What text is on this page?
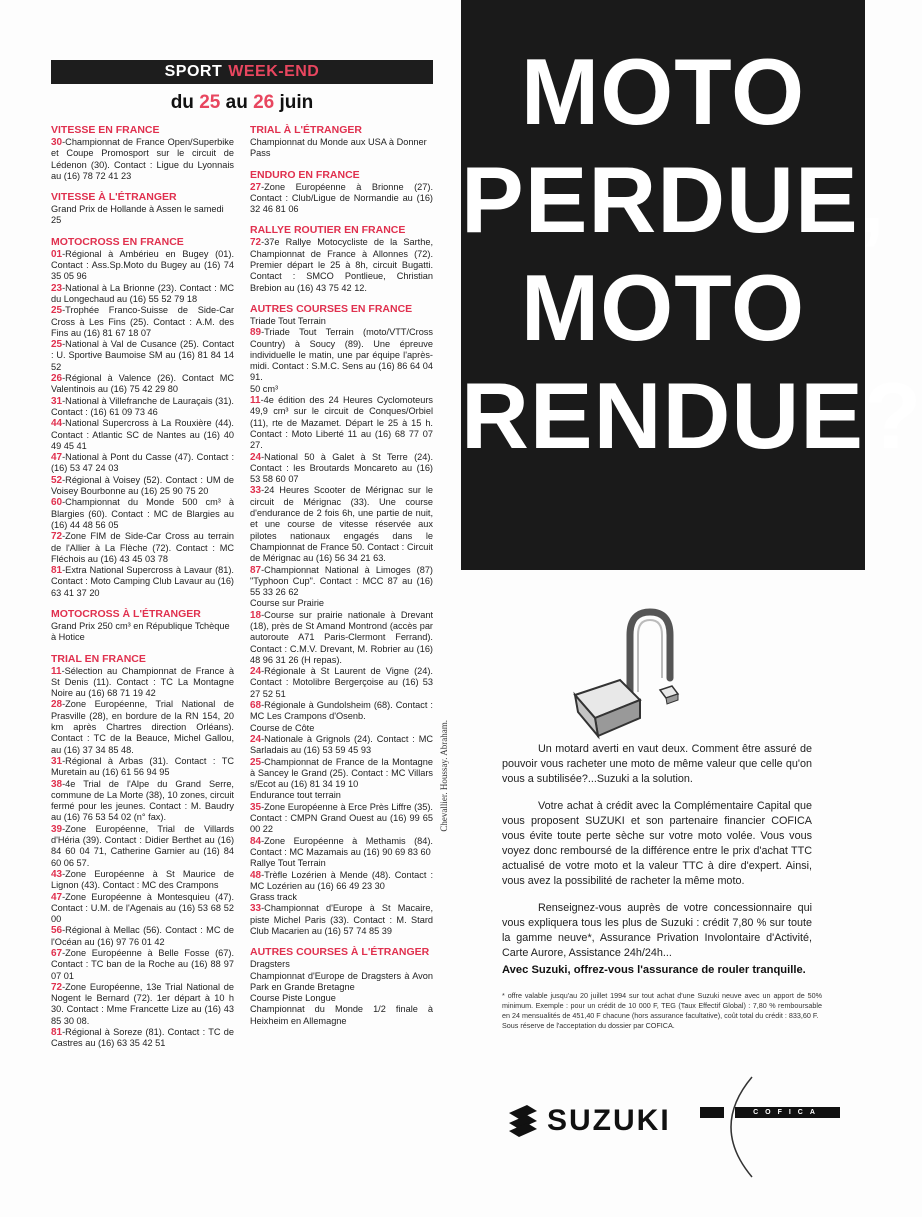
SPORT WEEK-END
du 25 au 26 juin
VITESSE EN FRANCE
30-Championnat de France Open/Superbike et Coupe Promosport sur le circuit de Lédenon (30). Contact : Ligue du Lyonnais au (16) 78 72 41 23
VITESSE À L'ÉTRANGER
Grand Prix de Hollande à Assen le samedi 25
MOTOCROSS EN FRANCE
01-Régional à Ambérieu en Bugey (01). Contact : Ass.Sp.Moto du Bugey au (16) 74 35 05 96
23-National à La Brionne (23). Contact : MC du Longechaud au (16) 55 52 79 18
25-Trophée Franco-Suisse de Side-Car Cross à Les Fins (25). Contact : A.M. des Fins au (16) 81 67 18 07
25-National à Val de Cusance (25). Contact : U. Sportive Baumoise SM au (16) 81 84 14 52
26-Régional à Valence (26). Contact MC Valentinois au (16) 75 42 29 80
31-National à Villefranche de Lauraçais (31). Contact : (16) 61 09 73 46
44-National Supercross à La Rouxière (44). Contact : Atlantic SC de Nantes au (16) 40 49 45 41
47-National à Pont du Casse (47). Contact : (16) 53 47 24 03
52-Régional à Voisey (52). Contact : UM de Voisey Bourbonne au (16) 25 90 75 20
60-Championnat du Monde 500 cm³ à Blargies (60). Contact : MC de Blargies au (16) 44 48 56 05
72-Zone FIM de Side-Car Cross au terrain de l'Allier à La Flèche (72). Contact : MC Fléchois au (16) 43 45 03 78
81-Extra National Supercross à Lavaur (81). Contact : Moto Camping Club Lavaur au (16) 63 41 37 20
MOTOCROSS À L'ÉTRANGER
Grand Prix 250 cm³ en République Tchèque à Hotice
TRIAL EN FRANCE
11-Sélection au Championnat de France à St Denis (11). Contact : TC La Montagne Noire au (16) 68 71 19 42
28-Zone Européenne, Trial National de Prasville (28), en bordure de la RN 154, 20 km après Chartres direction Orléans). Contact : TC de la Beauce, Michel Gallou, au (16) 37 34 85 48.
31-Régional à Arbas (31). Contact : TC Muretain au (16) 61 56 94 95
38-4e Trial de l'Alpe du Grand Serre, commune de La Morte (38), 10 zones, circuit fermé pour les jeunes. Contact : M. Baudry au (16) 76 53 54 02 (n° fax).
39-Zone Européenne, Trial de Villards d'Héria (39). Contact : Didier Berthet au (16) 84 60 04 71, Catherine Garnier au (16) 84 60 06 57.
43-Zone Européenne à St Maurice de Lignon (43). Contact : MC des Crampons
47-Zone Européenne à Montesquieu (47). Contact : U.M. de l'Agenais au (16) 53 68 52 00
56-Régional à Mellac (56). Contact : MC de l'Océan au (16) 97 76 01 42
67-Zone Européenne à Belle Fosse (67). Contact : TC ban de la Roche au (16) 88 97 07 01
72-Zone Européenne, 13e Trial National de Nogent le Bernard (72). 1er départ à 10 h 30. Contact : Mme Francette Lize au (16) 43 85 30 08.
81-Régional à Soreze (81). Contact : TC de Castres au (16) 63 35 42 51
TRIAL À L'ÉTRANGER
Championnat du Monde aux USA à Donner Pass
ENDURO EN FRANCE
27-Zone Européenne à Brionne (27). Contact : Club/Ligue de Normandie au (16) 32 46 81 06
RALLYE ROUTIER EN FRANCE
72-37e Rallye Motocycliste de la Sarthe, Championnat de France à Allonnes (72). Premier départ le 25 à 8h, circuit Bugatti. Contact : SMCO Pontlieue, Christian Brebion au (16) 43 75 42 12.
AUTRES COURSES EN FRANCE
Triade Tout Terrain
89-Triade Tout Terrain (moto/VTT/Cross Country) à Soucy (89). Une épreuve individuelle le matin, une par équipe l'après-midi. Contact : S.M.C. Sens au (16) 86 64 04 91.
50 cm³
11-4e édition des 24 Heures Cyclomoteurs 49,9 cm³ sur le circuit de Conques/Orbiel (11), rte de Mazamet. Départ le 25 à 15 h. Contact : Moto Liberté 11 au (16) 68 77 07 27.
24-National 50 à Galet à St Terre (24). Contact : les Broutards Moncareto au (16) 53 58 60 07
33-24 Heures Scooter de Mérignac sur le circuit de Mérignac (33). Une course d'endurance de 2 fois 6h, une partie de nuit, et une course de vitesse réservée aux pilotes nationaux engagés dans le Championnat de France 50. Contact : Circuit de Mérignac au (16) 56 34 21 63.
87-Championnat National à Limoges (87) "Typhoon Cup". Contact : MCC 87 au (16) 55 33 26 62
Course sur Prairie
18-Course sur prairie nationale à Drevant (18), près de St Amand Montrond (accès par autoroute A71 Paris-Clermont Ferrand). Contact : C.M.V. Drevant, M. Robrier au (16) 48 96 31 26 (H repas).
24-Régionale à St Laurent de Vigne (24). Contact : Motolibre Bergerçoise au (16) 53 27 52 51
68-Régionale à Gundolsheim (68). Contact : MC Les Crampons d'Osenb.
Course de Côte
24-Nationale à Grignols (24). Contact : MC Sarladais au (16) 53 59 45 93
25-Championnat de France de la Montagne à Sancey le Grand (25). Contact : MC Villars s/Ecot au (16) 81 34 19 10
Endurance tout terrain
35-Zone Européenne à Erce Près Liffre (35). Contact : CMPN Grand Ouest au (16) 99 65 00 22
84-Zone Européenne à Methamis (84). Contact : MC Mazamais au (16) 90 69 83 60
Rallye Tout Terrain
48-Trèfle Lozérien à Mende (48). Contact : MC Lozérien au (16) 66 49 23 30
Grass track
33-Championnat d'Europe à St Macaire, piste Michel Paris (33). Contact : M. Stard Club Macarien au (16) 57 74 85 39
AUTRES COURSES À L'ÉTRANGER
Dragsters
Championnat d'Europe de Dragsters à Avon Park en Grande Bretagne
Course Piste Longue
Championnat du Monde 1/2 finale à Heixheim en Allemagne
Chevallier. Houssay. Abraham.
MOTO
PERDUE,
MOTO
RENDUE?

Un motard averti en vaut deux. Comment être assuré de pouvoir vous racheter une moto de même valeur que celle qu'on vous a subtilisée?...Suzuki a la solution.

Votre achat à crédit avec la Complémentaire Capital que vous proposent SUZUKI et son partenaire financier COFICA vous évite toute perte sèche sur votre moto volée. Vous vous voyez donc remboursé de la différence entre le prix d'achat TTC actualisé de votre moto et la valeur TTC à dire d'expert. Ainsi, vous avez la possibilité de racheter la même moto.

Renseignez-vous auprès de votre concessionnaire qui vous expliquera tous les plus de Suzuki : crédit 7,80 % sur toute la gamme neuve*, Assurance Privation Involontaire d'Activité, Carte Aurore, Assistance 24h/24h...

Avec Suzuki, offrez-vous l'assurance de rouler tranquille.
* offre valable jusqu'au 20 juillet 1994 sur tout achat d'une Suzuki neuve avec un apport de 50% minimum. Exemple : pour un crédit de 10 000 F, TEG (Taux Effectif Global) : 7,80 % remboursable en 24 mensualités de 451,40 F chacune (hors assurance facultative), coût total du crédit : 833,60 F.
Sous réserve de l'acceptation du dossier par COFICA.
SUZUKI	COFICA
